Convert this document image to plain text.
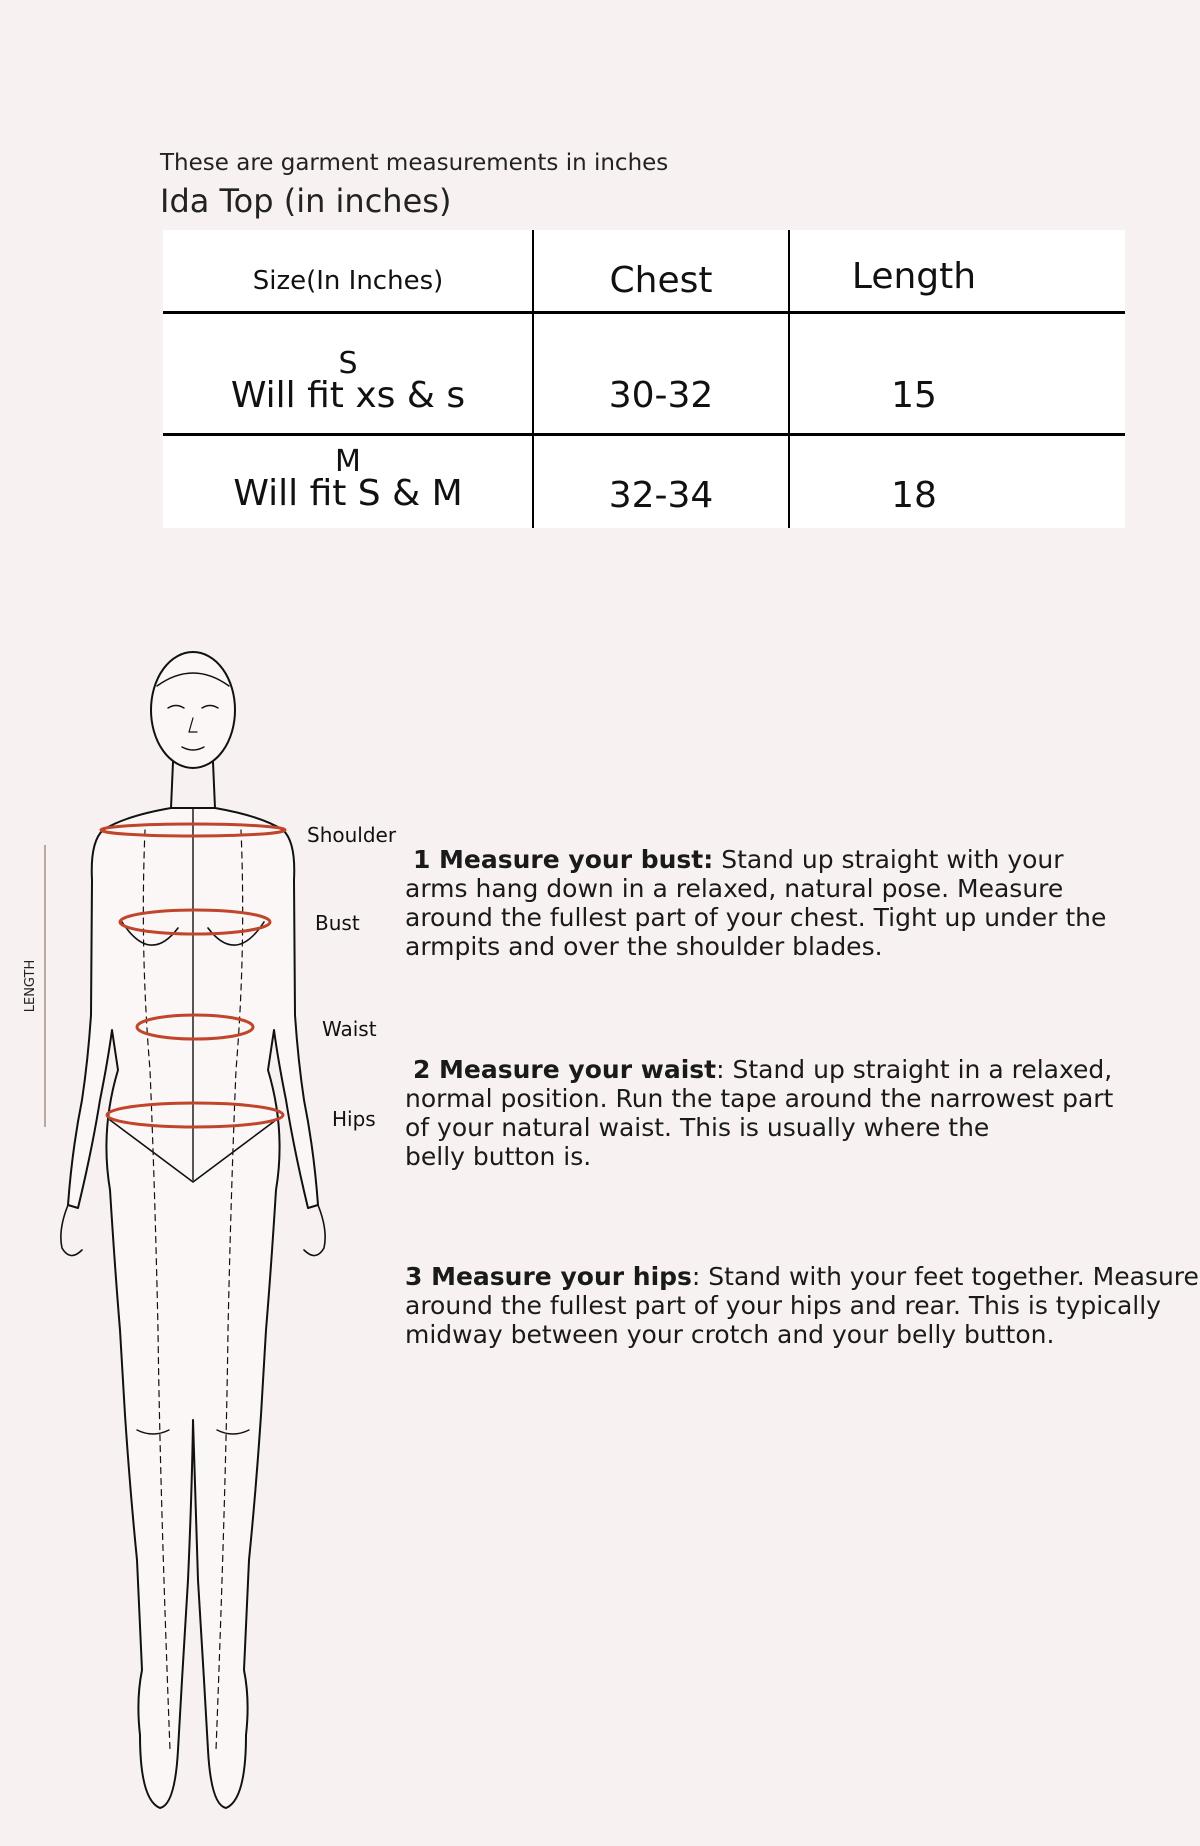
These are garment measurements in inches
Ida Top (in inches)
Size(In Inches)	Chest	Length
S
Will fit xs & s	30-32	15
M
Will fit S & M	32-34	18
LENGTH
Shoulder
Bust
Waist
Hips
1 Measure your bust: Stand up straight with your
arms hang down in a relaxed, natural pose. Measure
around the fullest part of your chest. Tight up under the
armpits and over the shoulder blades.
2 Measure your waist: Stand up straight in a relaxed,
normal position. Run the tape around the narrowest part
of your natural waist. This is usually where the
belly button is.
3 Measure your hips: Stand with your feet together. Measure
around the fullest part of your hips and rear. This is typically
midway between your crotch and your belly button.
